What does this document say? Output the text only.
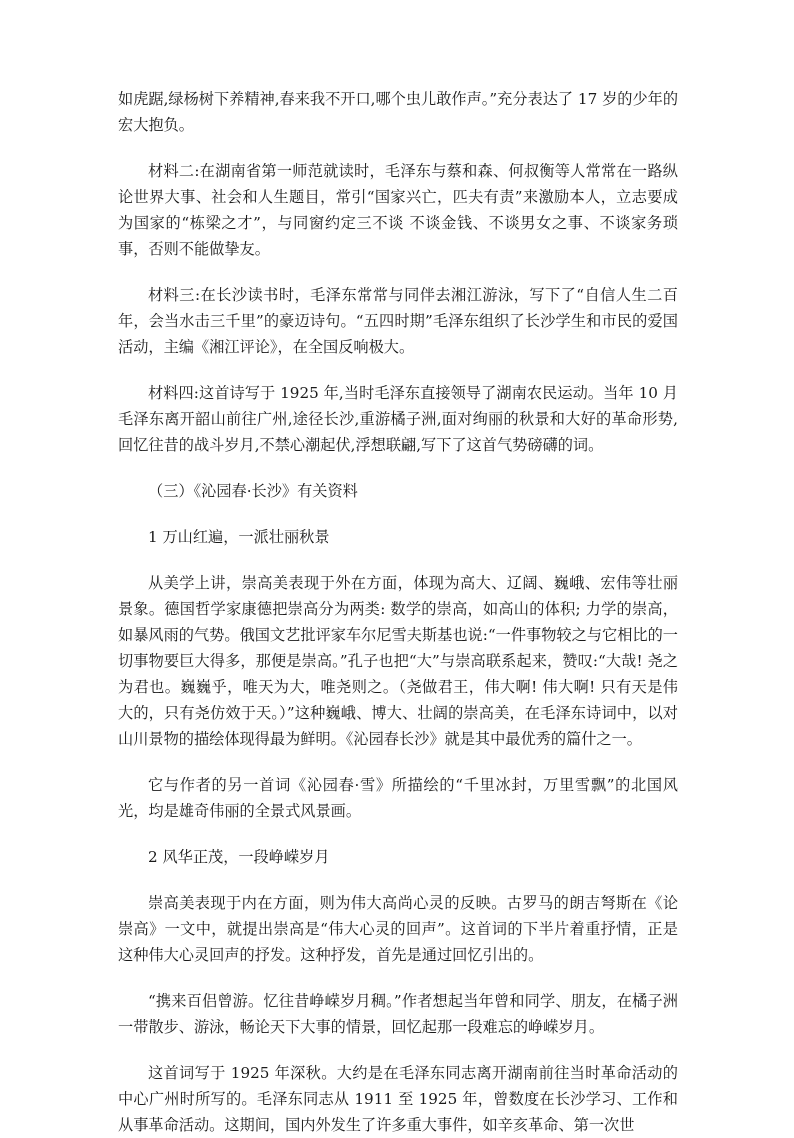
如虎踞,绿杨树下养精神,春来我不开口,哪个虫儿敢作声。”充分表达了 17 岁的少年的宏大抱负。

材料二:在湖南省第一师范就读时，毛泽东与蔡和森、何叔衡等人常常在一路纵论世界大事、社会和人生题目，常引“国家兴亡，匹夫有责”来激励本人，立志要成为国家的“栋梁之才”，与同窗约定三不谈 不谈金钱、不谈男女之事、不谈家务琐事，否则不能做挚友。

材料三:在长沙读书时，毛泽东常常与同伴去湘江游泳，写下了“自信人生二百年，会当水击三千里”的豪迈诗句。“五四时期”毛泽东组织了长沙学生和市民的爱国活动，主编《湘江评论》，在全国反响极大。

材料四:这首诗写于 1925 年,当时毛泽东直接领导了湖南农民运动。当年 10 月毛泽东离开韶山前往广州,途径长沙,重游橘子洲,面对绚丽的秋景和大好的革命形势,回忆往昔的战斗岁月,不禁心潮起伏,浮想联翩,写下了这首气势磅礴的词。

（三）《沁园春·长沙》有关资料

1 万山红遍，一派壮丽秋景

从美学上讲，崇高美表现于外在方面，体现为高大、辽阔、巍峨、宏伟等壮丽景象。德国哲学家康德把崇高分为两类: 数学的崇高，如高山的体积; 力学的崇高，如暴风雨的气势。俄国文艺批评家车尔尼雪夫斯基也说:“一件事物较之与它相比的一切事物要巨大得多，那便是崇高。”孔子也把“大”与崇高联系起来，赞叹:“大哉! 尧之为君也。巍巍乎，唯天为大，唯尧则之。（尧做君王，伟大啊! 伟大啊! 只有天是伟大的，只有尧仿效于天。）”这种巍峨、博大、壮阔的崇高美，在毛泽东诗词中，以对山川景物的描绘体现得最为鲜明。《沁园春长沙》就是其中最优秀的篇什之一。

它与作者的另一首词《沁园春·雪》所描绘的“千里冰封，万里雪飘”的北国风光，均是雄奇伟丽的全景式风景画。

2 风华正茂，一段峥嵘岁月

崇高美表现于内在方面，则为伟大高尚心灵的反映。古罗马的朗吉弩斯在《论崇高》一文中，就提出崇高是“伟大心灵的回声”。这首词的下半片着重抒情，正是这种伟大心灵回声的抒发。这种抒发，首先是通过回忆引出的。

“携来百侣曾游。忆往昔峥嵘岁月稠。”作者想起当年曾和同学、朋友，在橘子洲一带散步、游泳，畅论天下大事的情景，回忆起那一段难忘的峥嵘岁月。

这首词写于 1925 年深秋。大约是在毛泽东同志离开湖南前往当时革命活动的中心广州时所写的。毛泽东同志从 1911 至 1925 年，曾数度在长沙学习、工作和从事革命活动。这期间，国内外发生了许多重大事件，如辛亥革命、第一次世
